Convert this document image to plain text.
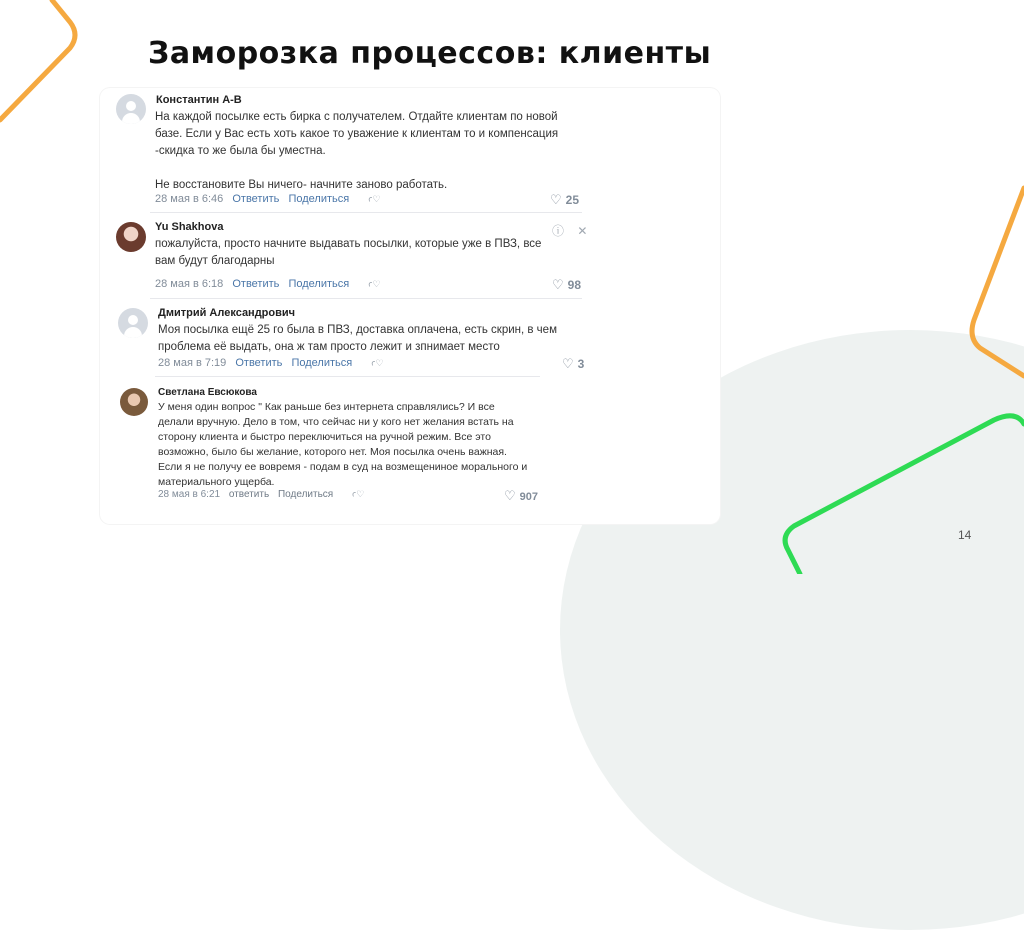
Заморозка процессов: клиенты
Константин А-В

На каждой посылке есть бирка с получателем. Отдайте клиентам по новой

базе. Если у Вас есть хоть какое то уважение к клиентам то и компенсация

-скидка то же была бы уместна.

Не восстановите Вы ничего- начните заново работать.

28 мая в 6:46 Ответить Поделиться ꜥ♡	♡ 25
Yu Shakhova

пожалуйста, просто начните выдавать посылки, которые уже в ПВЗ, все

вам будут благодарны

ⓘ ✕
28 мая в 6:18 Ответить Поделиться ꜥ♡	♡ 98
Дмитрий Александрович

Моя посылка ещё 25 го была в ПВЗ, доставка оплачена, есть скрин, в чем

проблема её выдать, она ж там просто лежит и зпнимает место

28 мая в 7:19 Ответить Поделиться ꜥ♡	♡ 3
Светлана Евсюкова

У меня один вопрос " Как раньше без интернета справлялись? И все

делали вручную. Дело в том, что сейчас ни у кого нет желания встать на

сторону клиента и быстро переключиться на ручной режим. Все это

возможно, было бы желание, которого нет. Моя посылка очень важная.

Если я не получу ее вовремя - подам в суд на возмещениное морального и

материального ущерба.

28 мая в 6:21 ответить Поделиться ꜥ♡	♡ 907
14
